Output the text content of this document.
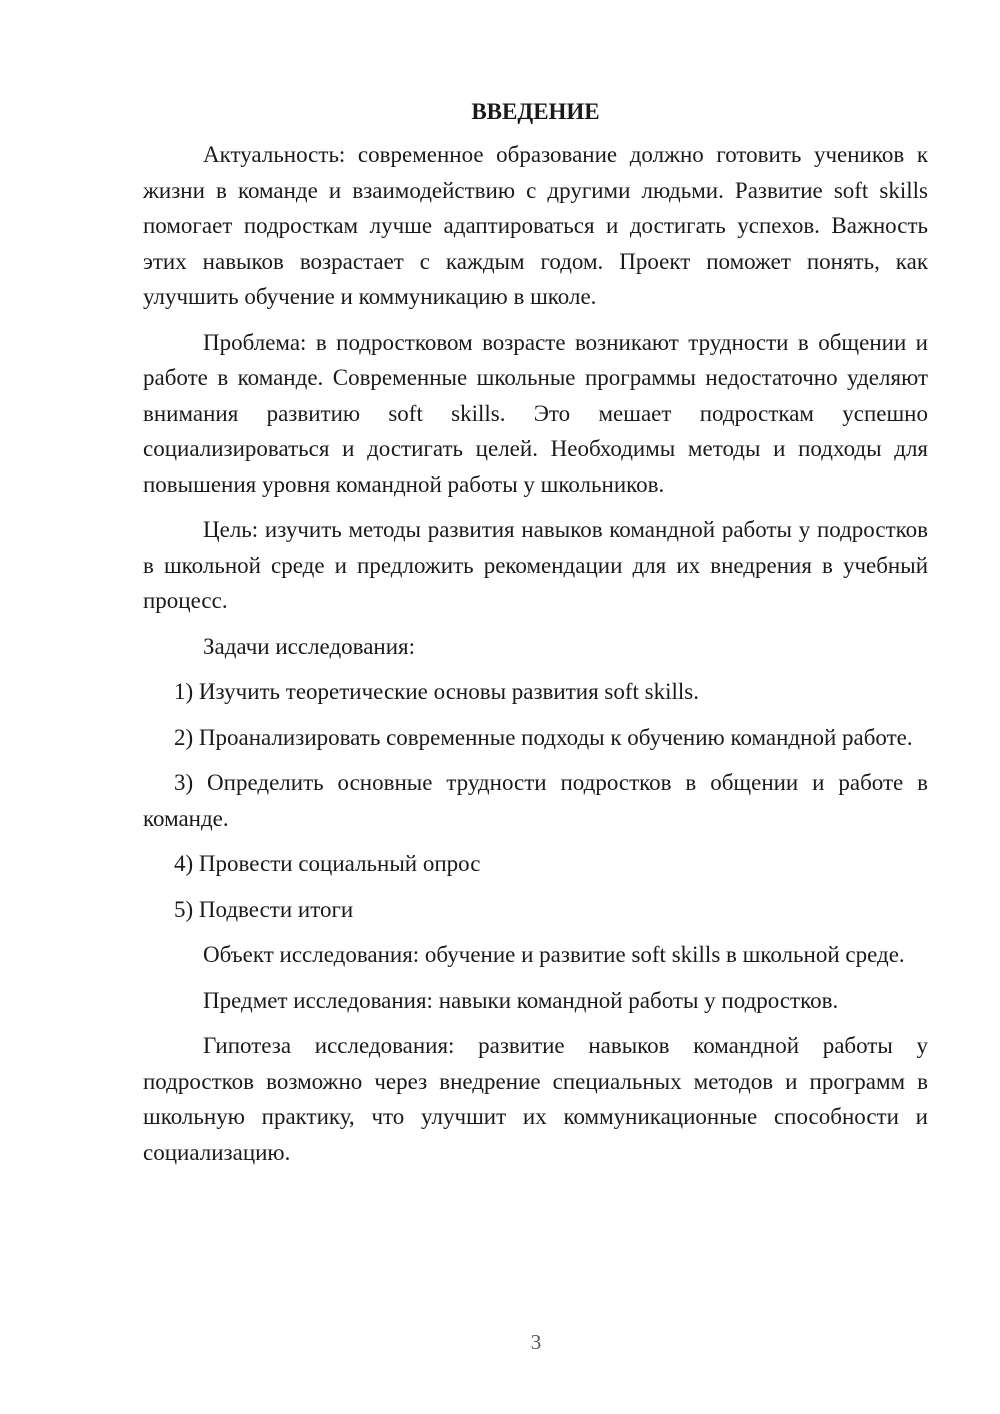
ВВЕДЕНИЕ

Актуальность: современное образование должно готовить учеников к жизни в команде и взаимодействию с другими людьми. Развитие soft skills помогает подросткам лучше адаптироваться и достигать успехов. Важность этих навыков возрастает с каждым годом. Проект поможет понять, как улучшить обучение и коммуникацию в школе.

Проблема: в подростковом возрасте возникают трудности в общении и работе в команде. Современные школьные программы недостаточно уделяют внимания развитию soft skills. Это мешает подросткам успешно социализироваться и достигать целей. Необходимы методы и подходы для повышения уровня командной работы у школьников.

Цель: изучить методы развития навыков командной работы у подростков в школьной среде и предложить рекомендации для их внедрения в учебный процесс.

Задачи исследования:

1) Изучить теоретические основы развития soft skills.

2) Проанализировать современные подходы к обучению командной работе.

3) Определить основные трудности подростков в общении и работе в команде.

4) Провести социальный опрос

5) Подвести итоги

Объект исследования: обучение и развитие soft skills в школьной среде.

Предмет исследования: навыки командной работы у подростков.

Гипотеза исследования: развитие навыков командной работы у подростков возможно через внедрение специальных методов и программ в школьную практику, что улучшит их коммуникационные способности и социализацию.

3
